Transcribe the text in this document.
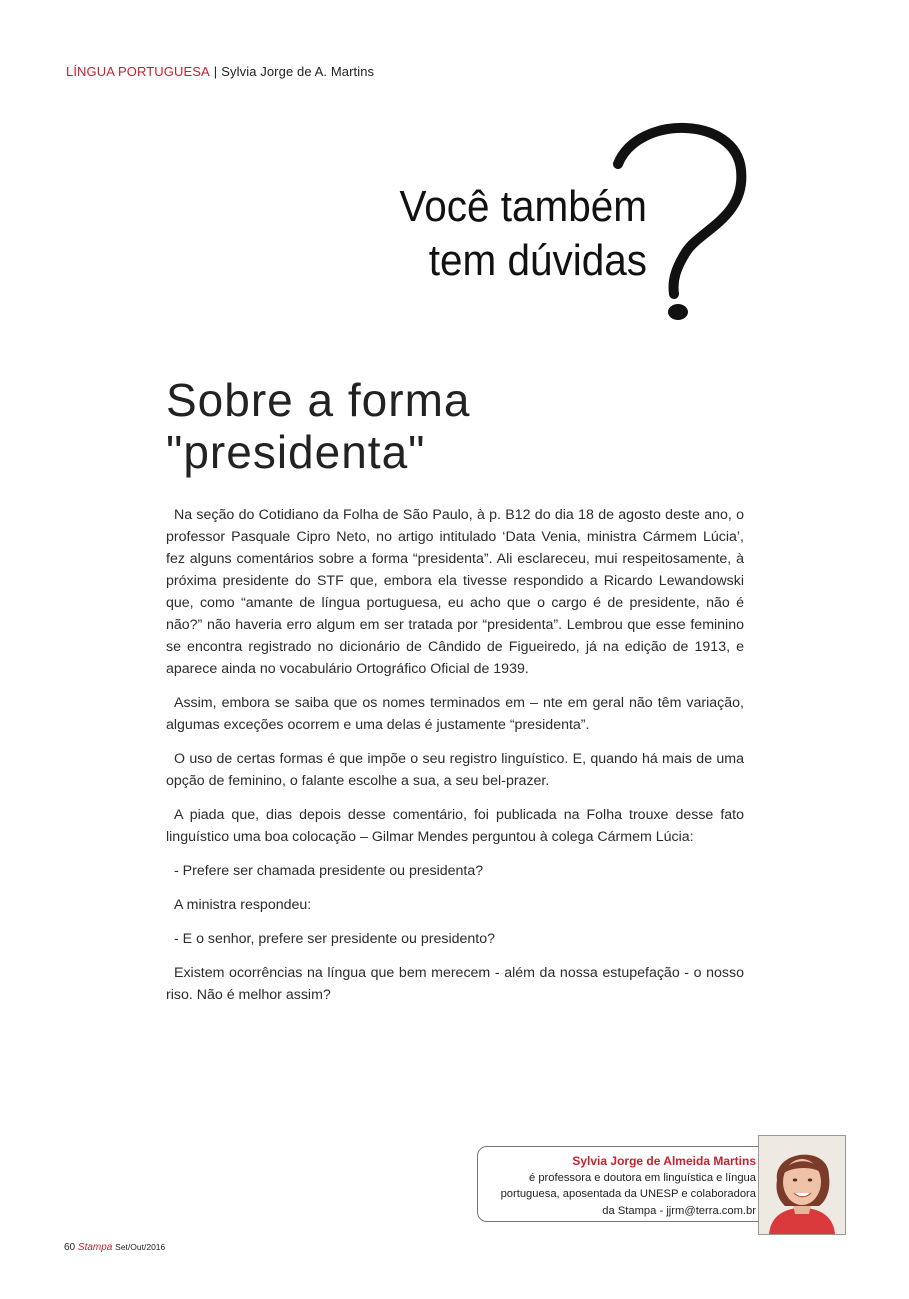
LÍNGUA PORTUGUESA | Sylvia Jorge de A. Martins
Você também
tem dúvidas
Sobre a forma
"presidenta"

Na seção do Cotidiano da Folha de São Paulo, à p. B12 do dia 18 de agosto deste ano, o professor Pasquale Cipro Neto, no artigo intitulado ‘Data Venia, ministra Cármem Lúcia’, fez alguns comentários sobre a forma “presidenta”. Ali esclareceu, mui respeitosamente, à próxima presidente do STF que, embora ela tivesse respondido a Ricardo Lewandowski que, como “amante de língua portuguesa, eu acho que o cargo é de presidente, não é não?” não haveria erro algum em ser tratada por “presidenta”. Lembrou que esse feminino se encontra registrado no dicionário de Cândido de Figueiredo, já na edição de 1913, e aparece ainda no vocabulário Ortográfico Oficial de 1939.

Assim, embora se saiba que os nomes terminados em – nte em geral não têm variação, algumas exceções ocorrem e uma delas é justamente “presidenta”.

O uso de certas formas é que impõe o seu registro linguístico. E, quando há mais de uma opção de feminino, o falante escolhe a sua, a seu bel-prazer.

A piada que, dias depois desse comentário, foi publicada na Folha trouxe desse fato linguístico uma boa colocação – Gilmar Mendes perguntou à colega Cármem Lúcia:

- Prefere ser chamada presidente ou presidenta?

A ministra respondeu:

- E o senhor, prefere ser presidente ou presidento?

Existem ocorrências na língua que bem merecem - além da nossa estupefação - o nosso riso. Não é melhor assim?

Sylvia Jorge de Almeida Martins
é professora e doutora em linguística e língua
portuguesa, aposentada da UNESP e colaboradora
da Stampa - jjrm@terra.com.br
60 Stampa Set/Out/2016
